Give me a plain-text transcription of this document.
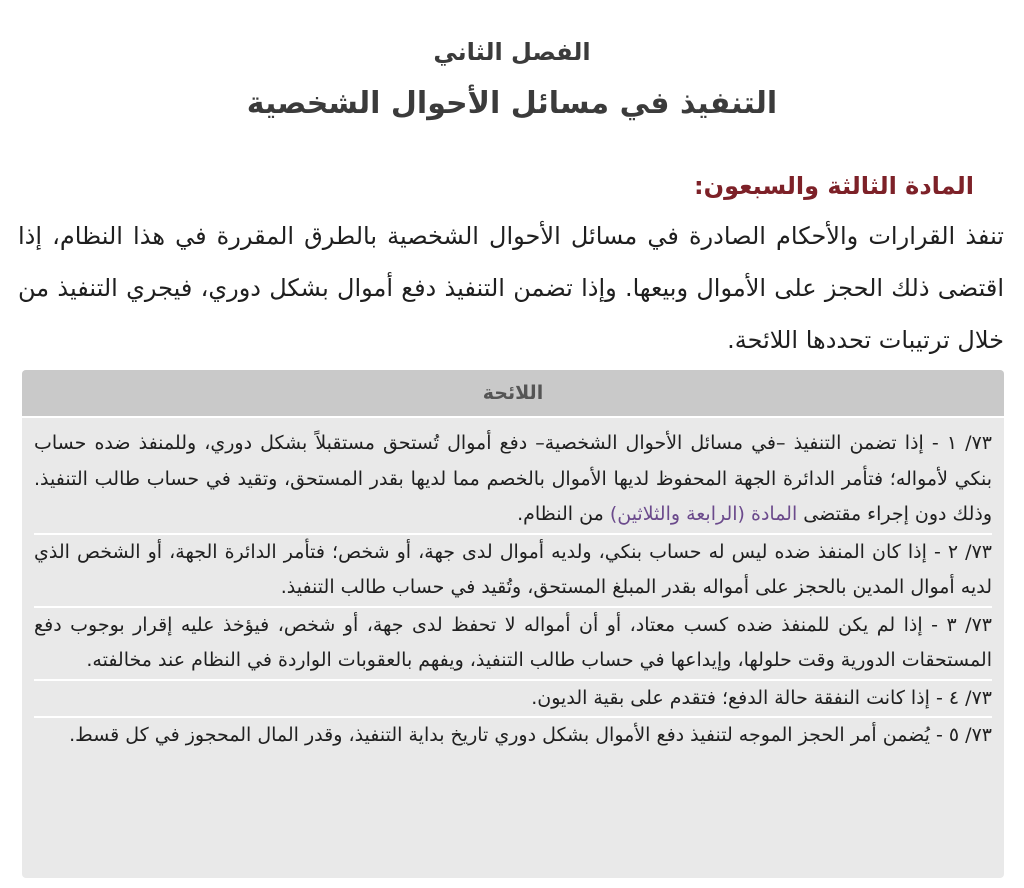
الفصل الثاني
التنفيذ في مسائل الأحوال الشخصية
المادة الثالثة والسبعون:
تنفذ القرارات والأحكام الصادرة في مسائل الأحوال الشخصية بالطرق المقررة في هذا النظام، إذا اقتضى ذلك الحجز على الأموال وبيعها. وإذا تضمن التنفيذ دفع أموال بشكل دوري، فيجري التنفيذ من خلال ترتيبات تحددها اللائحة.
اللائحة
٧٣/ ١ - إذا تضمن التنفيذ –في مسائل الأحوال الشخصية– دفع أموال تُستحق مستقبلاً بشكل دوري، وللمنفذ ضده حساب بنكي لأمواله؛ فتأمر الدائرة الجهة المحفوظ لديها الأموال بالخصم مما لديها بقدر المستحق، وتقيد في حساب طالب التنفيذ. وذلك دون إجراء مقتضى المادة (الرابعة والثلاثين) من النظام.
٧٣/ ٢ - إذا كان المنفذ ضده ليس له حساب بنكي، ولديه أموال لدى جهة، أو شخص؛ فتأمر الدائرة الجهة، أو الشخص الذي لديه أموال المدين بالحجز على أمواله بقدر المبلغ المستحق، وتُقيد في حساب طالب التنفيذ.
٧٣/ ٣ - إذا لم يكن للمنفذ ضده كسب معتاد، أو أن أمواله لا تحفظ لدى جهة، أو شخص، فيؤخذ عليه إقرار بوجوب دفع المستحقات الدورية وقت حلولها، وإيداعها في حساب طالب التنفيذ، ويفهم بالعقوبات الواردة في النظام عند مخالفته.
٧٣/ ٤ - إذا كانت النفقة حالة الدفع؛ فتقدم على بقية الديون.
٧٣/ ٥ - يُضمن أمر الحجز الموجه لتنفيذ دفع الأموال بشكل دوري تاريخ بداية التنفيذ، وقدر المال المحجوز في كل قسط.
